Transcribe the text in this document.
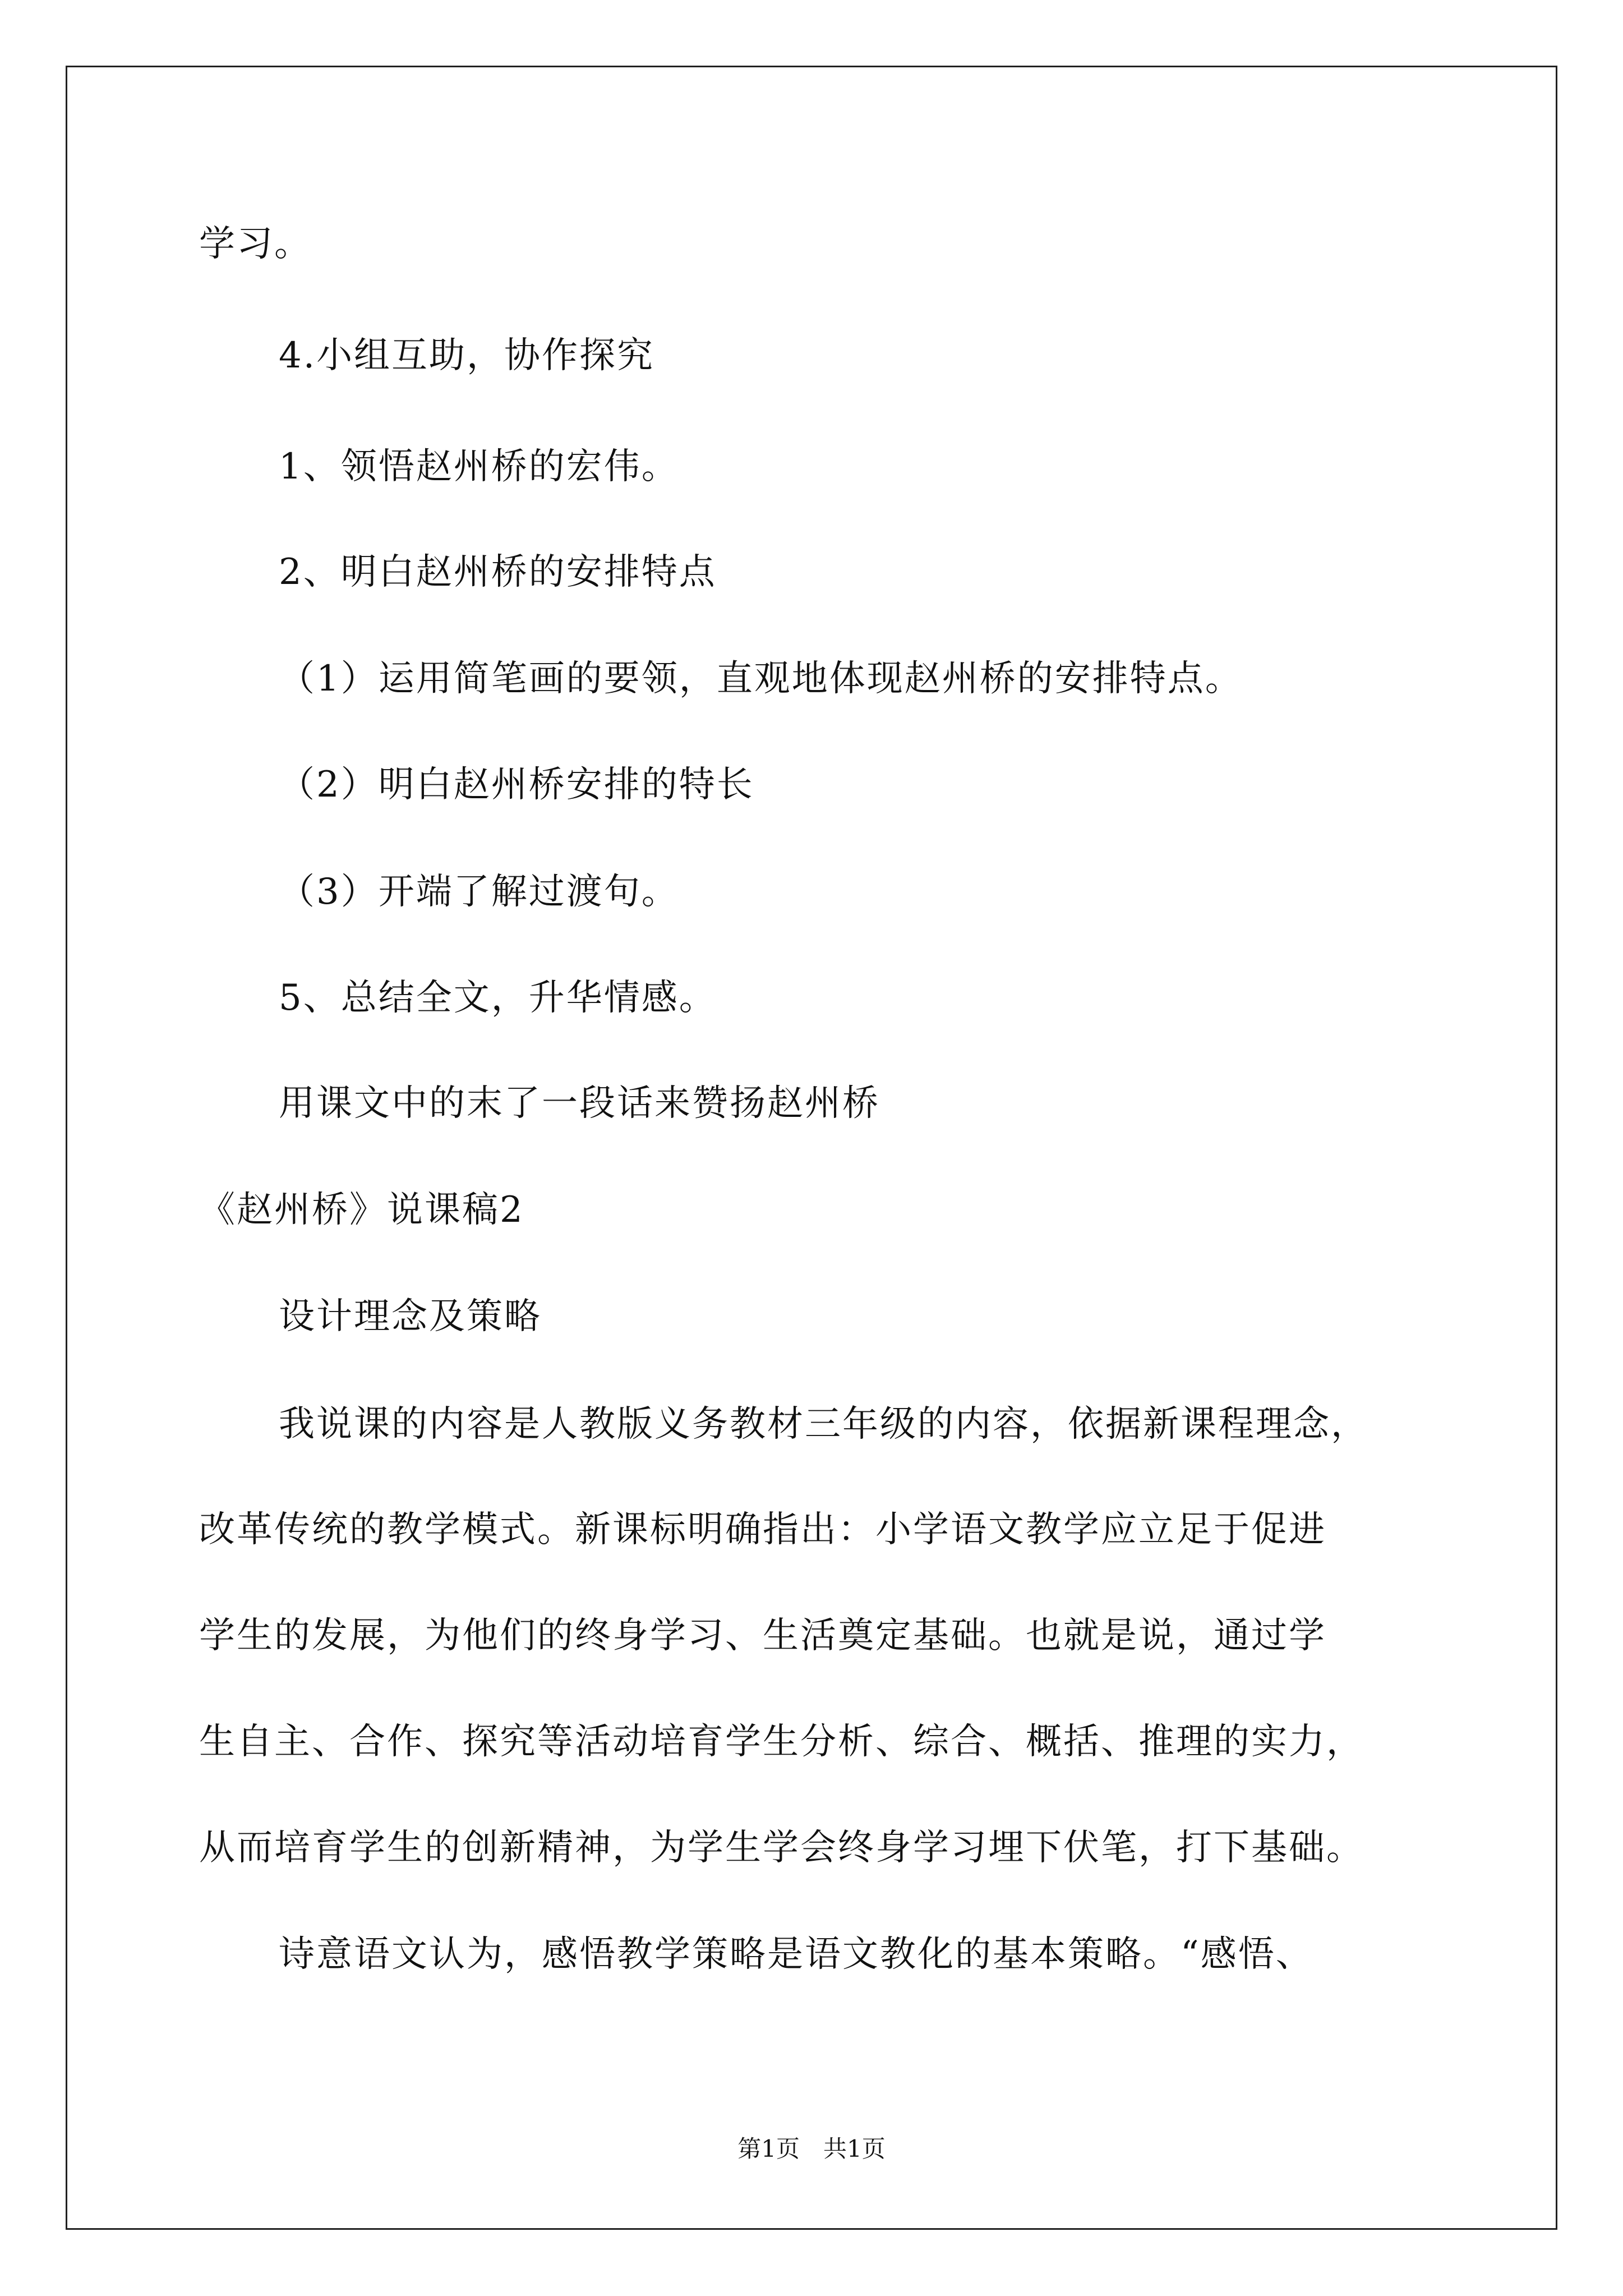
学习。
4.小组互助，协作探究
1、领悟赵州桥的宏伟。
2、明白赵州桥的安排特点
（1）运用简笔画的要领，直观地体现赵州桥的安排特点。
（2）明白赵州桥安排的特长
（3）开端了解过渡句。
5、总结全文，升华情感。
用课文中的末了一段话来赞扬赵州桥
《赵州桥》说课稿2
设计理念及策略
我说课的内容是人教版义务教材三年级的内容，依据新课程理念，
改革传统的教学模式。新课标明确指出：小学语文教学应立足于促进
学生的发展，为他们的终身学习、生活奠定基础。也就是说，通过学
生自主、合作、探究等活动培育学生分析、综合、概括、推理的实力，
从而培育学生的创新精神，为学生学会终身学习埋下伏笔，打下基础。
诗意语文认为，感悟教学策略是语文教化的基本策略。“感悟、
第1页　共1页
